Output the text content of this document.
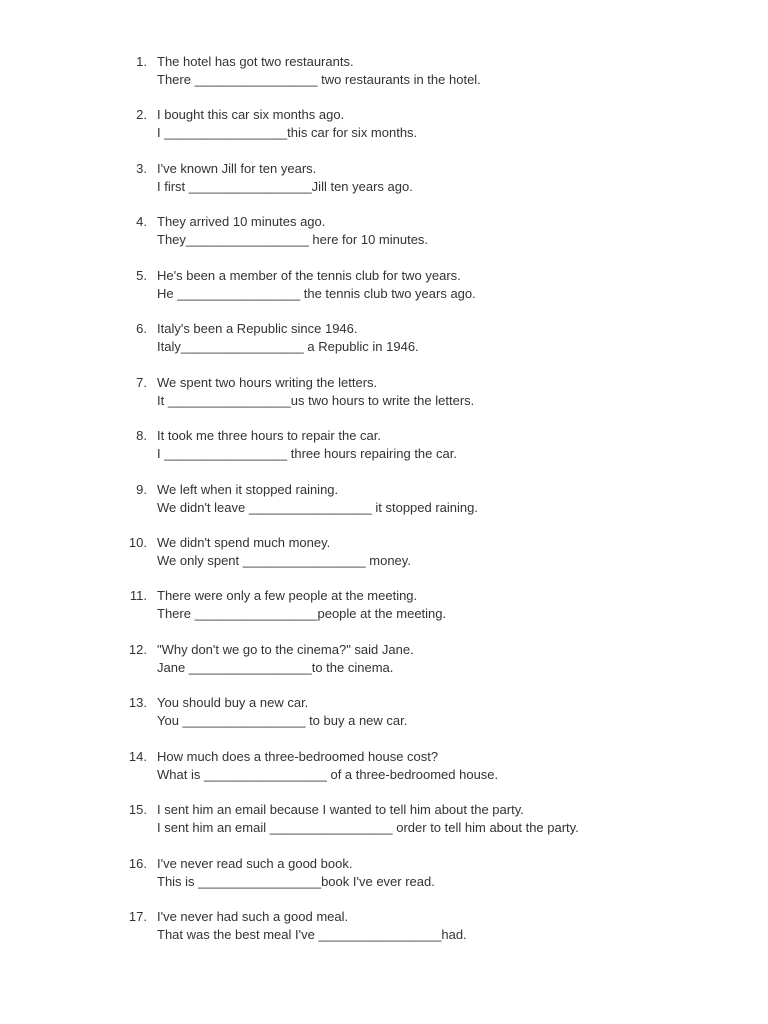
1. The hotel has got two restaurants.
There _________________ two restaurants in the hotel.
2. I bought this car six months ago.
I _________________this car for six months.
3. I've known Jill for ten years.
I first _________________Jill ten years ago.
4. They arrived 10 minutes ago.
They_________________ here for 10 minutes.
5. He's been a member of the tennis club for two years.
He _________________ the tennis club two years ago.
6. Italy's been a Republic since 1946.
Italy_________________ a Republic in 1946.
7. We spent two hours writing the letters.
It _________________us two hours to write the letters.
8. It took me three hours to repair the car.
I _________________ three hours repairing the car.
9. We left when it stopped raining.
We didn't leave _________________ it stopped raining.
10. We didn't spend much money.
We only spent _________________ money.
11. There were only a few people at the meeting.
There _________________people at the meeting.
12. "Why don't we go to the cinema?" said Jane.
Jane _________________to the cinema.
13. You should buy a new car.
You _________________ to buy a new car.
14. How much does a three-bedroomed house cost?
What is _________________ of a three-bedroomed house.
15. I sent him an email because I wanted to tell him about the party.
I sent him an email _________________ order to tell him about the party.
16. I've never read such a good book.
This is _________________book I've ever read.
17. I've never had such a good meal.
That was the best meal I've _________________had.
